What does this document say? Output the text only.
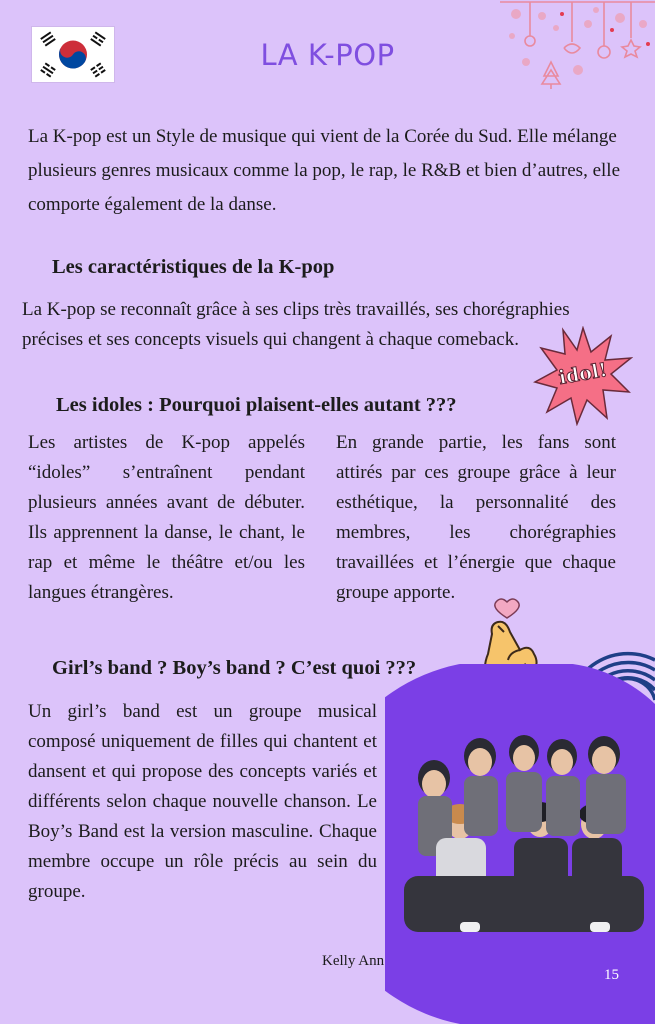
LA K-POP
La K-pop est un Style de musique qui vient de la Corée du Sud. Elle mélange plusieurs genres musicaux comme la pop, le rap, le R&B et bien d’autres, elle comporte également de la danse.
Les caractéristiques de la K-pop
La K-pop se reconnaît grâce à ses clips très travaillés, ses chorégraphies précises et ses concepts visuels qui changent à chaque comeback.
idol!
Les idoles : Pourquoi plaisent-elles autant ???
Les artistes de K-pop appelés “idoles” s’entraînent pendant plusieurs années avant de débuter. Ils apprennent la danse, le chant, le rap et même le théâtre et/ou les langues étrangères.
En grande partie, les fans sont attirés par ces groupe grâce à leur esthétique, la personnalité des membres, les chorégraphies travaillées et l’énergie que chaque groupe apporte.
Girl’s band ? Boy’s band ? C’est quoi ???
Un girl’s band est un groupe musical composé uniquement de filles qui chantent et dansent et qui propose des concepts variés et différents selon chaque nouvelle chanson. Le Boy’s Band est la version masculine. Chaque membre occupe un rôle précis au sein du groupe.
Kelly Ann
15
